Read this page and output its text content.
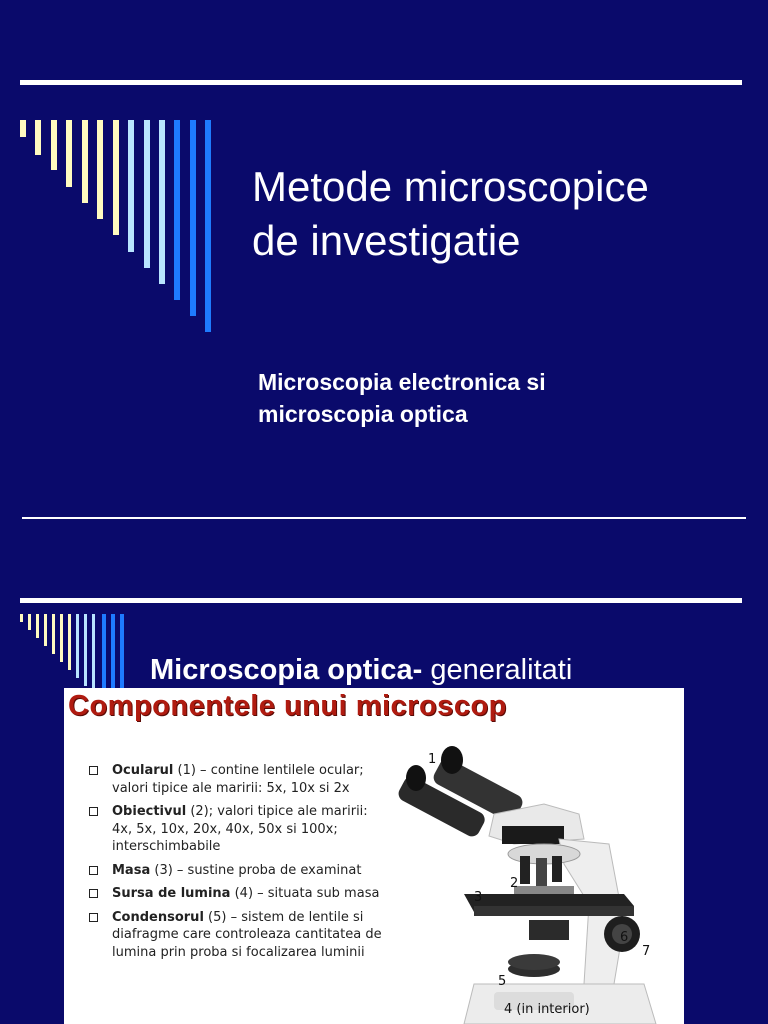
Metode microscopice
de investigatie
Microscopia electronica si
microscopia optica
Microscopia optica- generalitati
Componentele unui microscop
Ocularul (1) – contine lentilele ocular; valori tipice ale maririi: 5x, 10x si 2x
Obiectivul (2); valori tipice ale maririi: 4x, 5x, 10x, 20x, 40x, 50x si 100x; interschimbabile
Masa (3) – sustine proba de examinat
Sursa de lumina (4) – situata sub masa
Condensorul (5) – sistem de lentile si diafragme care controleaza cantitatea de lumina prin proba si focalizarea luminii
1
2
3
5
6
7
4 (in interior)
